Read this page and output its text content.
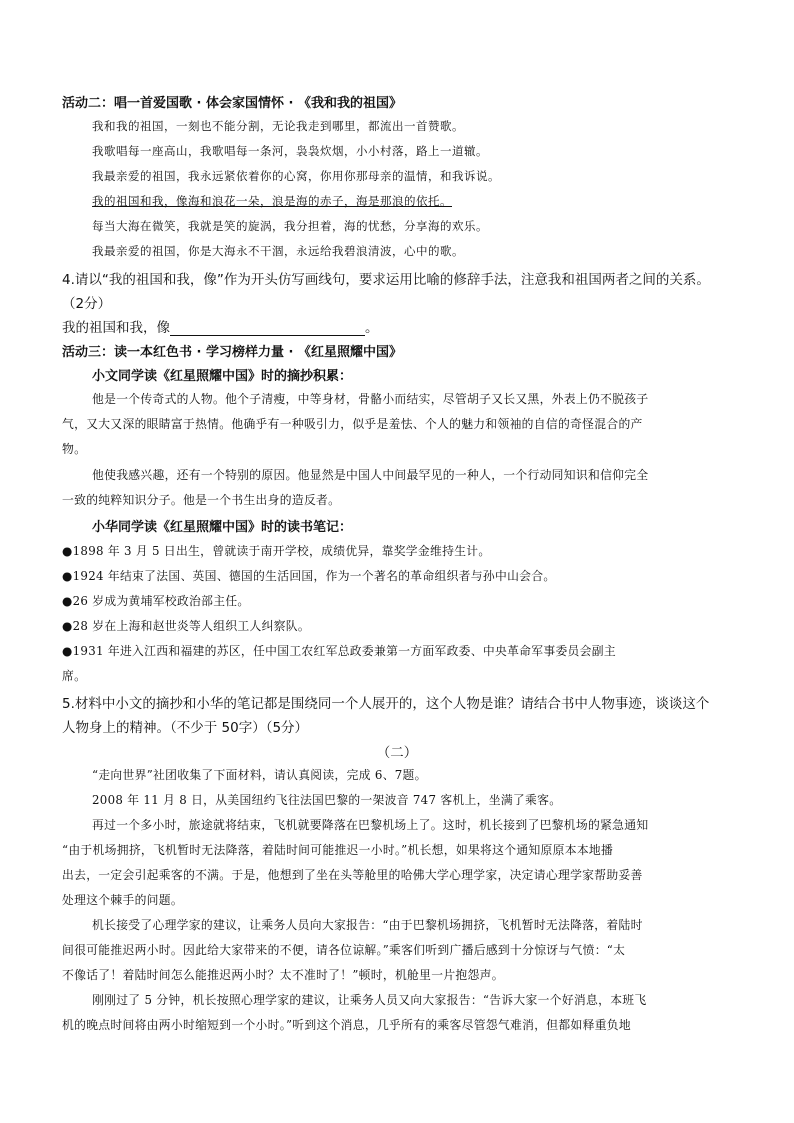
活动二：唱一首爱国歌 · 体会家国情怀 · 《我和我的祖国》
我和我的祖国，一刻也不能分割，无论我走到哪里，都流出一首赞歌。
我歌唱每一座高山，我歌唱每一条河，袅袅炊烟，小小村落，路上一道辙。
我最亲爱的祖国，我永远紧依着你的心窝，你用你那母亲的温情，和我诉说。
我的祖国和我，像海和浪花一朵，浪是海的赤子，海是那浪的依托。
每当大海在微笑，我就是笑的旋涡，我分担着，海的忧愁，分享海的欢乐。
我最亲爱的祖国，你是大海永不干涸，永远给我碧浪清波，心中的歌。
4.请以“我的祖国和我，像”作为开头仿写画线句，要求运用比喻的修辞手法，注意我和祖国两者之间的关系。
（2分）
我的祖国和我，像	。
活动三：读一本红色书 · 学习榜样力量 · 《红星照耀中国》
小文同学读《红星照耀中国》时的摘抄积累：
他是一个传奇式的人物。他个子清瘦，中等身材，骨骼小而结实，尽管胡子又长又黑，外表上仍不脱孩子
气，又大又深的眼睛富于热情。他确乎有一种吸引力，似乎是羞怯、个人的魅力和领袖的自信的奇怪混合的产
物。
他使我感兴趣，还有一个特别的原因。他显然是中国人中间最罕见的一种人，一个行动同知识和信仰完全
一致的纯粹知识分子。他是一个书生出身的造反者。
小华同学读《红星照耀中国》时的读书笔记：
●1898 年 3 月 5 日出生，曾就读于南开学校，成绩优异，靠奖学金维持生计。
●1924 年结束了法国、英国、德国的生活回国，作为一个著名的革命组织者与孙中山会合。
●26 岁成为黄埔军校政治部主任。
●28 岁在上海和赵世炎等人组织工人纠察队。
●1931 年进入江西和福建的苏区，任中国工农红军总政委兼第一方面军政委、中央革命军事委员会副主
席。
5.材料中小文的摘抄和小华的笔记都是围绕同一个人展开的，这个人物是谁？请结合书中人物事迹，谈谈这个
人物身上的精神。（不少于 50字）（5分）
（二）
“走向世界”社团收集了下面材料，请认真阅读，完成 6、7题。
2008 年 11 月 8 日，从美国纽约飞往法国巴黎的一架波音 747 客机上，坐满了乘客。
再过一个多小时，旅途就将结束，飞机就要降落在巴黎机场上了。这时，机长接到了巴黎机场的紧急通知
“由于机场拥挤，飞机暂时无法降落，着陆时间可能推迟一小时。”机长想，如果将这个通知原原本本地播
出去，一定会引起乘客的不满。于是，他想到了坐在头等舱里的哈佛大学心理学家，决定请心理学家帮助妥善
处理这个棘手的问题。
机长接受了心理学家的建议，让乘务人员向大家报告：“由于巴黎机场拥挤，飞机暂时无法降落，着陆时
间很可能推迟两小时。因此给大家带来的不便，请各位谅解。”乘客们听到广播后感到十分惊讶与气愤：“太
不像话了！着陆时间怎么能推迟两小时？太不准时了！”顿时，机舱里一片抱怨声。
刚刚过了 5 分钟，机长按照心理学家的建议，让乘务人员又向大家报告：“告诉大家一个好消息，本班飞
机的晚点时间将由两小时缩短到一个小时。”听到这个消息，几乎所有的乘客尽管怨气难消，但都如释重负地
